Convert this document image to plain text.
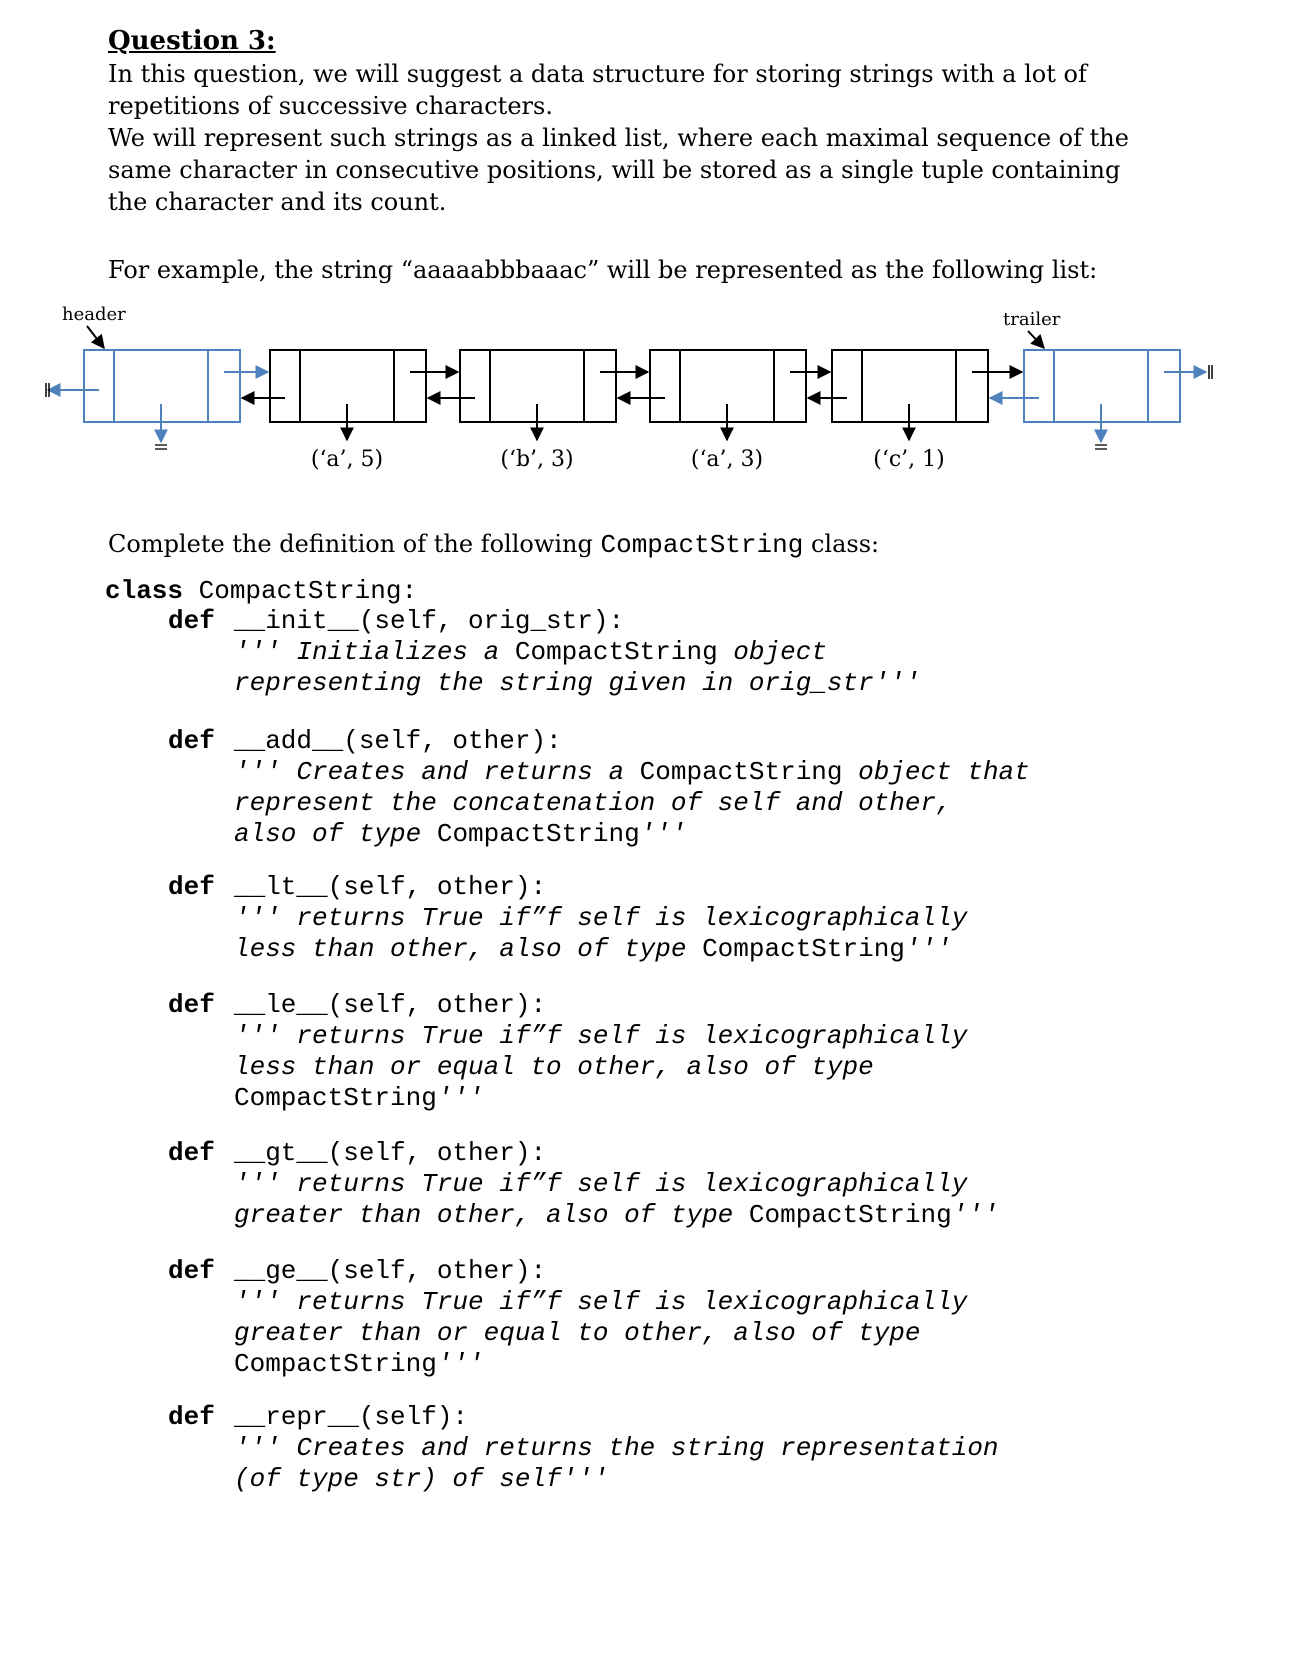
Question 3:
In this question, we will suggest a data structure for storing strings with a lot of
repetitions of successive characters.
We will represent such strings as a linked list, where each maximal sequence of the
same character in consecutive positions, will be stored as a single tuple containing
the character and its count.
For example, the string “aaaaabbbaaac” will be represented as the following list:
header	trailer
(‘a’, 5)	(‘b’, 3)	(‘a’, 3)	(‘c’, 1)
Complete the definition of the following CompactString class:
class CompactString:
def __init__(self, orig_str):
''' Initializes a CompactString object
representing the string given in orig_str'''
def __add__(self, other):
''' Creates and returns a CompactString object that
represent the concatenation of self and other,
also of type CompactString'''
def __lt__(self, other):
''' returns True if”f self is lexicographically
less than other, also of type CompactString'''
def __le__(self, other):
''' returns True if”f self is lexicographically
less than or equal to other, also of type
CompactString'''
def __gt__(self, other):
''' returns True if”f self is lexicographically
greater than other, also of type CompactString'''
def __ge__(self, other):
''' returns True if”f self is lexicographically
greater than or equal to other, also of type
CompactString'''
def __repr__(self):
''' Creates and returns the string representation
(of type str) of self'''
